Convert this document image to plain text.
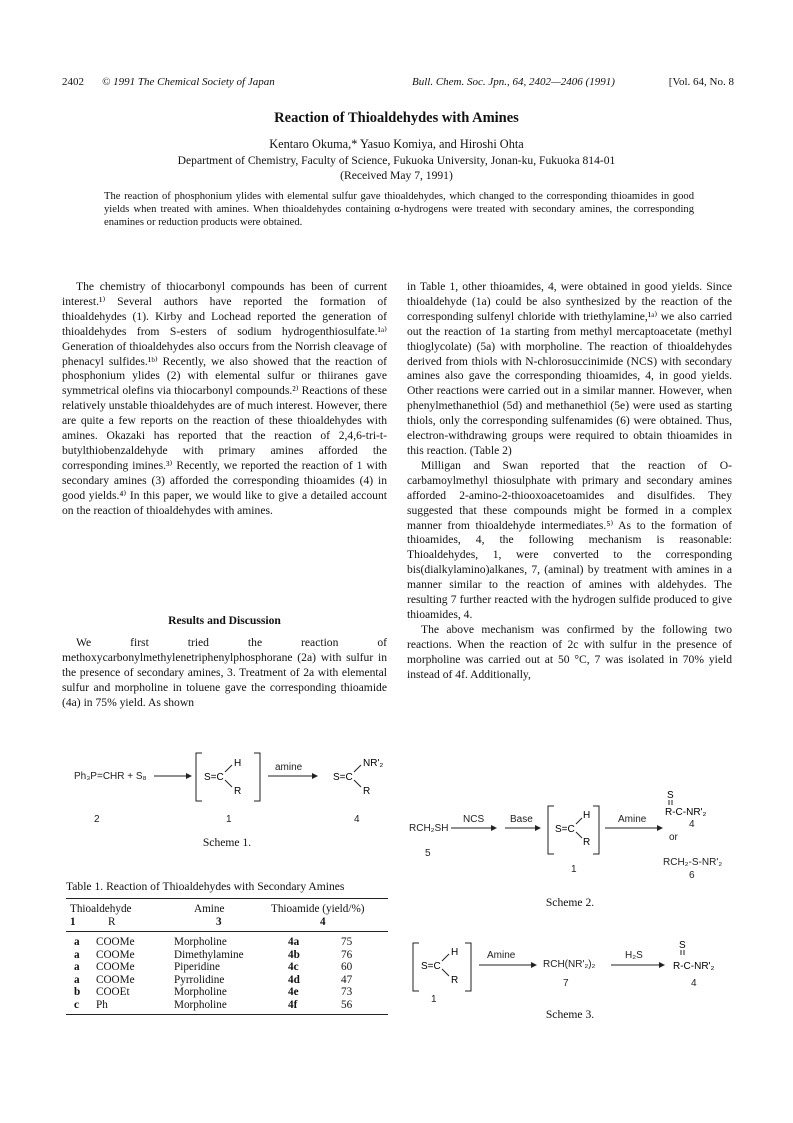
2402 © 1991 The Chemical Society of Japan	Bull. Chem. Soc. Jpn., 64, 2402—2406 (1991)	[Vol. 64, No. 8
Reaction of Thioaldehydes with Amines
Kentaro Okuma,* Yasuo Komiya, and Hiroshi Ohta
Department of Chemistry, Faculty of Science, Fukuoka University, Jonan-ku, Fukuoka 814-01
(Received May 7, 1991)
The reaction of phosphonium ylides with elemental sulfur gave thioaldehydes, which changed to the corresponding thioamides in good yields when treated with amines. When thioaldehydes containing α-hydrogens were treated with secondary amines, the corresponding enamines or reduction products were obtained.

The chemistry of thiocarbonyl compounds has been of current interest.¹⁾ Several authors have reported the formation of thioaldehydes (1). Kirby and Lochead reported the generation of thioaldehydes from S-esters of sodium hydrogenthiosulfate.¹ᵃ⁾ Generation of thioaldehydes also occurs from the Norrish cleavage of phenacyl sulfides.¹ᵇ⁾ Recently, we also showed that the reaction of phosphonium ylides (2) with elemental sulfur or thiiranes gave symmetrical olefins via thiocarbonyl compounds.²⁾ Reactions of these relatively unstable thioaldehydes are of much interest. However, there are quite a few reports on the reaction of these thioaldehydes with amines. Okazaki has reported that the reaction of 2,4,6-tri-t-butylthiobenzaldehyde with primary amines afforded the corresponding imines.³⁾ Recently, we reported the reaction of 1 with secondary amines (3) afforded the corresponding thioamides (4) in good yields.⁴⁾ In this paper, we would like to give a detailed account on the reaction of thioaldehydes with amines.

Results and Discussion

We first tried the reaction of methoxycarbonylmethylenetriphenylphosphorane (2a) with sulfur in the presence of secondary amines, 3. Treatment of 2a with elemental sulfur and morpholine in toluene gave the corresponding thioamide (4a) in 75% yield. As shown

in Table 1, other thioamides, 4, were obtained in good yields. Since thioaldehyde (1a) could be also synthesized by the reaction of the corresponding sulfenyl chloride with triethylamine,¹ᵃ⁾ we also carried out the reaction of 1a starting from methyl mercaptoacetate (methyl thioglycolate) (5a) with morpholine. The reaction of thioaldehydes derived from thiols with N-chlorosuccinimide (NCS) with secondary amines also gave the corresponding thioamides, 4, in good yields. Other reactions were carried out in a similar manner. However, when phenylmethanethiol (5d) and methanethiol (5e) were used as starting thiols, only the corresponding sulfenamides (6) were obtained. Thus, electron-withdrawing groups were required to obtain thioamides in this reaction. (Table 2)

Milligan and Swan reported that the reaction of O-carbamoylmethyl thiosulphate with primary and secondary amines afforded 2-amino-2-thiooxoacetoamides and disulfides. They suggested that these compounds might be formed in a complex manner from thioaldehyde intermediates.⁵⁾ As to the formation of thioamides, 4, the following mechanism is reasonable: Thioaldehydes, 1, were converted to the corresponding bis(dialkylamino)alkanes, 7, (aminal) by treatment with amines in a manner similar to the reaction of amines with aldehydes. The resulting 7 further reacted with the hydrogen sulfide produced to give thioamides, 4.

The above mechanism was confirmed by the following two reactions. When the reaction of 2c with sulfur in the presence of morpholine was carried out at 50 °C, 7 was isolated in 70% yield instead of 4f. Additionally,

Ph₃P=CHR + S₈	S=C
H
R
S=C
NR'₂
R
amine
2	1	4
Scheme 1.
Table 1. Reaction of Thioaldehydes with Secondary Amines
Thioaldehyde	Amine	Thioamide (yield/%)
1	R	3	4
a COOMe	Morpholine	4a	75
a COOMe	Dimethylamine	4b	76
a COOMe	Piperidine	4c	60
a COOMe	Pyrrolidine	4d	47
b COOEt	Morpholine	4e	73
c Ph	Morpholine	4f	56
S=C
H
R
S
R-C-NR'₂
RCH₂SH
NCS	Base	Amine	4
or
RCH₂-S-NR'₂
6
5
1
Scheme 2.
S=C
H
R
S
R-C-NR'₂
Amine
RCH(NR'₂)₂
H₂S
1
7	4
Scheme 3.
